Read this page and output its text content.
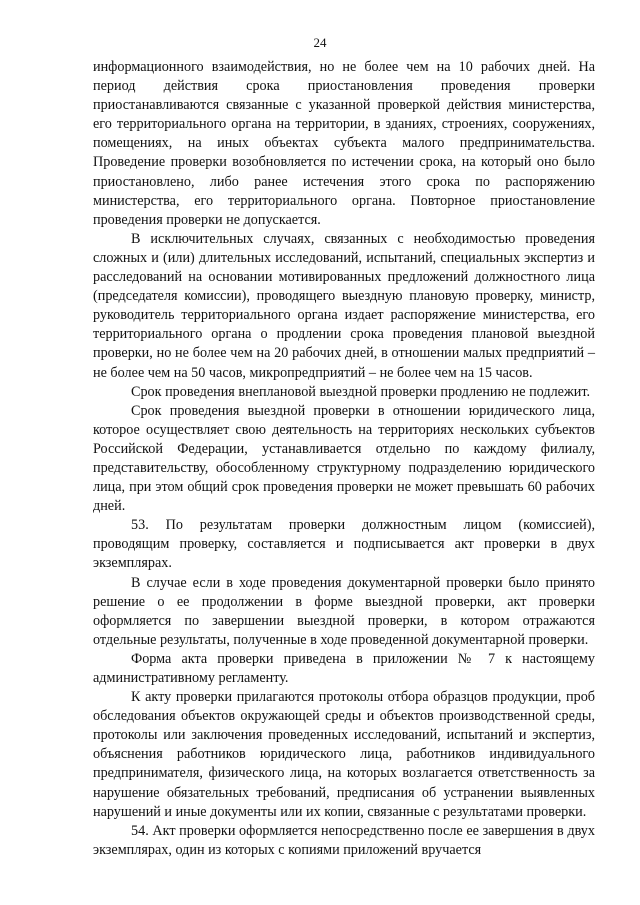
24

информационного взаимодействия, но не более чем на 10 рабочих дней. На период действия срока приостановления проведения проверки приостанавливаются связанные с указанной проверкой действия министерства, его территориального органа на территории, в зданиях, строениях, сооружениях, помещениях, на иных объектах субъекта малого предпринимательства. Проведение проверки возобновляется по истечении срока, на который оно было приостановлено, либо ранее истечения этого срока по распоряжению министерства, его территориального органа. Повторное приостановление проведения проверки не допускается.

В исключительных случаях, связанных с необходимостью проведения сложных и (или) длительных исследований, испытаний, специальных экспертиз и расследований на основании мотивированных предложений должностного лица (председателя комиссии), проводящего выездную плановую проверку, министр, руководитель территориального органа издает распоряжение министерства, его территориального органа о продлении срока проведения плановой выездной проверки, но не более чем на 20 рабочих дней, в отношении малых предприятий – не более чем на 50 часов, микропредприятий – не более чем на 15 часов.

Срок проведения внеплановой выездной проверки продлению не подлежит.

Срок проведения выездной проверки в отношении юридического лица, которое осуществляет свою деятельность на территориях нескольких субъектов Российской Федерации, устанавливается отдельно по каждому филиалу, представительству, обособленному структурному подразделению юридического лица, при этом общий срок проведения проверки не может превышать 60 рабочих дней.

53. По результатам проверки должностным лицом (комиссией), проводящим проверку, составляется и подписывается акт проверки в двух экземплярах.

В случае если в ходе проведения документарной проверки было принято решение о ее продолжении в форме выездной проверки, акт проверки оформляется по завершении выездной проверки, в котором отражаются отдельные результаты, полученные в ходе проведенной документарной проверки.

Форма акта проверки приведена в приложении № 7 к настоящему административному регламенту.

К акту проверки прилагаются протоколы отбора образцов продукции, проб обследования объектов окружающей среды и объектов производственной среды, протоколы или заключения проведенных исследований, испытаний и экспертиз, объяснения работников юридического лица, работников индивидуального предпринимателя, физического лица, на которых возлагается ответственность за нарушение обязательных требований, предписания об устранении выявленных нарушений и иные документы или их копии, связанные с результатами проверки.

54. Акт проверки оформляется непосредственно после ее завершения в двух экземплярах, один из которых с копиями приложений вручается
